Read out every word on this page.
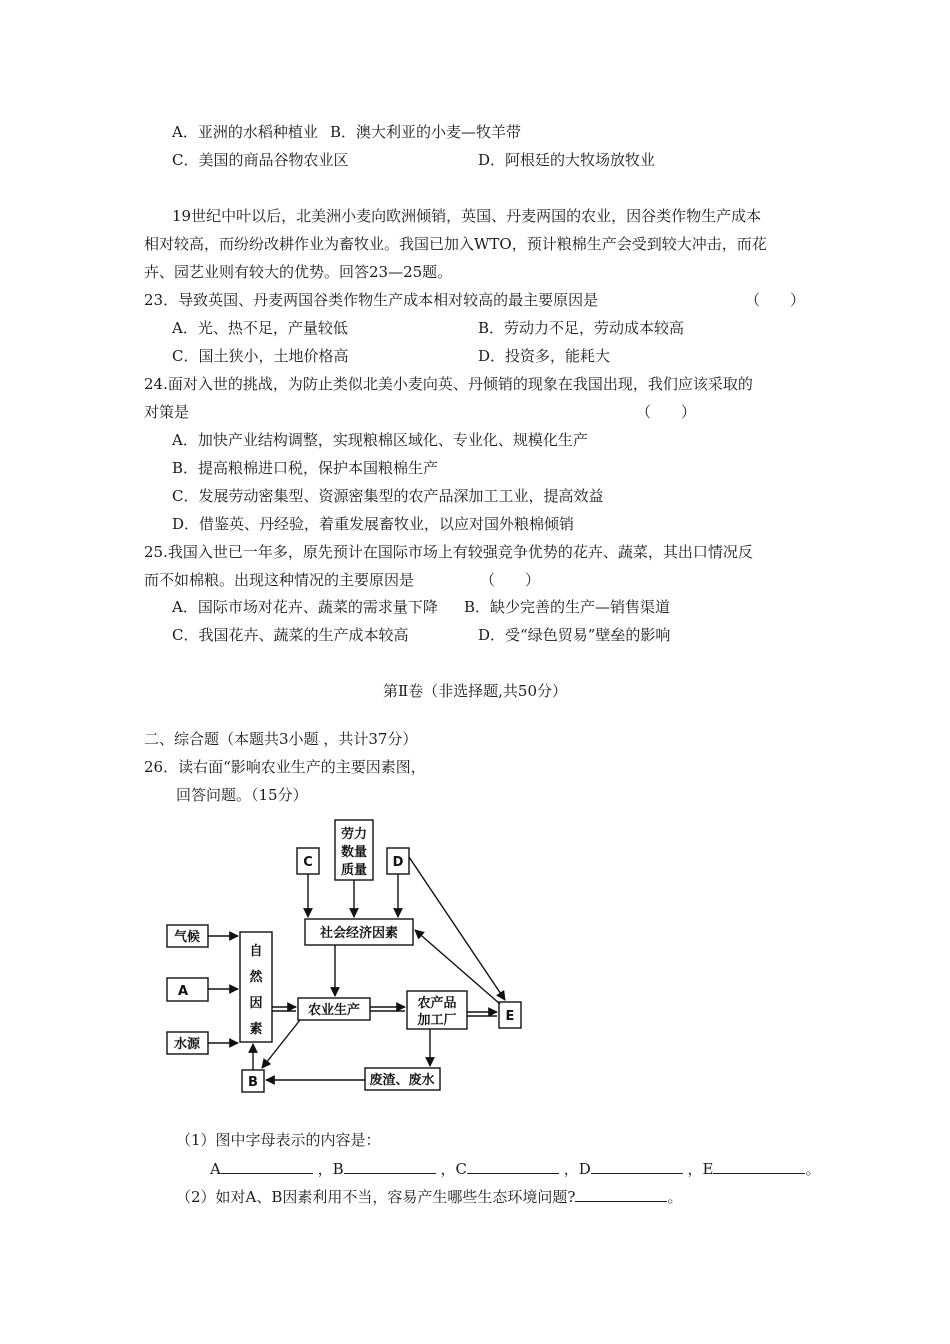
A．亚洲的水稻种植业 B．澳大利亚的小麦—牧羊带
C．美国的商品谷物农业区	D．阿根廷的大牧场放牧业
19世纪中叶以后，北美洲小麦向欧洲倾销，英国、丹麦两国的农业，因谷类作物生产成本
相对较高，而纷纷改耕作业为畜牧业。我国已加入WTO，预计粮棉生产会受到较大冲击，而花
卉、园艺业则有较大的优势。回答23—25题。
23．导致英国、丹麦两国谷类作物生产成本相对较高的最主要原因是	（　　）
A．光、热不足，产量较低	B．劳动力不足，劳动成本较高
C．国土狭小，土地价格高	D．投资多，能耗大
24.面对入世的挑战，为防止类似北美小麦向英、丹倾销的现象在我国出现，我们应该采取的
对策是	（　　）
A．加快产业结构调整，实现粮棉区域化、专业化、规模化生产
B．提高粮棉进口税，保护本国粮棉生产
C．发展劳动密集型、资源密集型的农产品深加工工业，提高效益
D．借鉴英、丹经验，着重发展畜牧业，以应对国外粮棉倾销
25.我国入世已一年多，原先预计在国际市场上有较强竞争优势的花卉、蔬菜，其出口情况反
而不如棉粮。出现这种情况的主要原因是	（　　）
A．国际市场对花卉、蔬菜的需求量下降 B．缺少完善的生产—销售渠道
C．我国花卉、蔬菜的生产成本较高	D．受“绿色贸易”壁垒的影响
第Ⅱ卷（非选择题,共50分）
二、综合题（本题共3小题 ，共计37分）
26．读右面“影响农业生产的主要因素图，
回答问题。（15分）
气候
A
水源
自
然
因
素
C
劳力
数量
质量
D
社会经济因素
农业生产	农产品
加工厂	E
B	废渣、废水
（1）图中字母表示的内容是：
A	，B	，C	，D	，E	。
（2）如对A、B因素利用不当，容易产生哪些生态环境问题?	。
